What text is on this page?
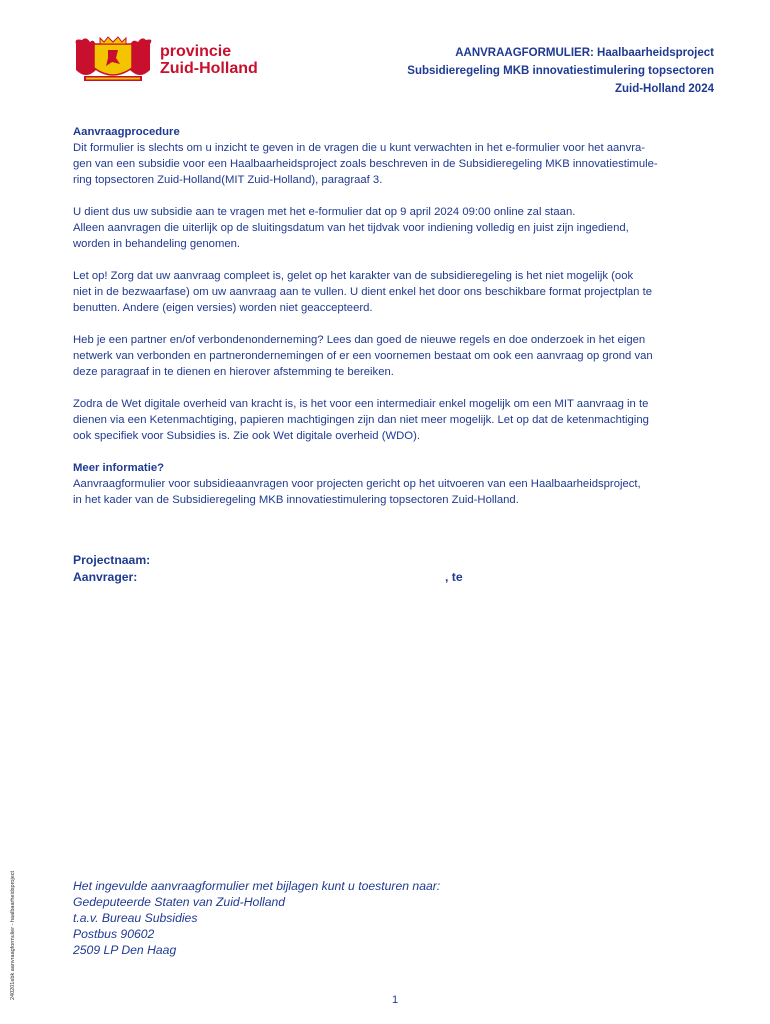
provincie
Zuid-Holland
AANVRAAGFORMULIER: Haalbaarheidsproject
Subsidieregeling MKB innovatiestimulering topsectoren
Zuid-Holland 2024
Aanvraagprocedure
Dit formulier is slechts om u inzicht te geven in de vragen die u kunt verwachten in het e-formulier voor het aanvra-
gen van een subsidie voor een Haalbaarheidsproject zoals beschreven in de Subsidieregeling MKB innovatiestimule-
ring topsectoren Zuid-Holland(MIT Zuid-Holland), paragraaf 3.
U dient dus uw subsidie aan te vragen met het e-formulier dat op 9 april 2024 09:00 online zal staan.
Alleen aanvragen die uiterlijk op de sluitingsdatum van het tijdvak voor indiening volledig en juist zijn ingediend,
worden in behandeling genomen.
Let op! Zorg dat uw aanvraag compleet is, gelet op het karakter van de subsidieregeling is het niet mogelijk (ook
niet in de bezwaarfase) om uw aanvraag aan te vullen. U dient enkel het door ons beschikbare format projectplan te
benutten. Andere (eigen versies) worden niet geaccepteerd.
Heb je een partner en/of verbondenonderneming? Lees dan goed de nieuwe regels en doe onderzoek in het eigen
netwerk van verbonden en partnerondernemingen of er een voornemen bestaat om ook een aanvraag op grond van
deze paragraaf in te dienen en hierover afstemming te bereiken.
Zodra de Wet digitale overheid van kracht is, is het voor een intermediair enkel mogelijk om een MIT aanvraag in te
dienen via een Ketenmachtiging, papieren machtigingen zijn dan niet meer mogelijk. Let op dat de ketenmachtiging
ook specifiek voor Subsidies is. Zie ook Wet digitale overheid (WDO).
Meer informatie?
Aanvraagformulier voor subsidieaanvragen voor projecten gericht op het uitvoeren van een Haalbaarheidsproject,
in het kader van de Subsidieregeling MKB innovatiestimulering topsectoren Zuid-Holland.
Projectnaam:
Aanvrager:	, te
Het ingevulde aanvraagformulier met bijlagen kunt u toesturen naar:
Gedeputeerde Staten van Zuid-Holland
t.a.v. Bureau Subsidies
Postbus 90602
2509 LP Den Haag
1
240201ebk aanvraagformulier - haalbaarheidsproject
